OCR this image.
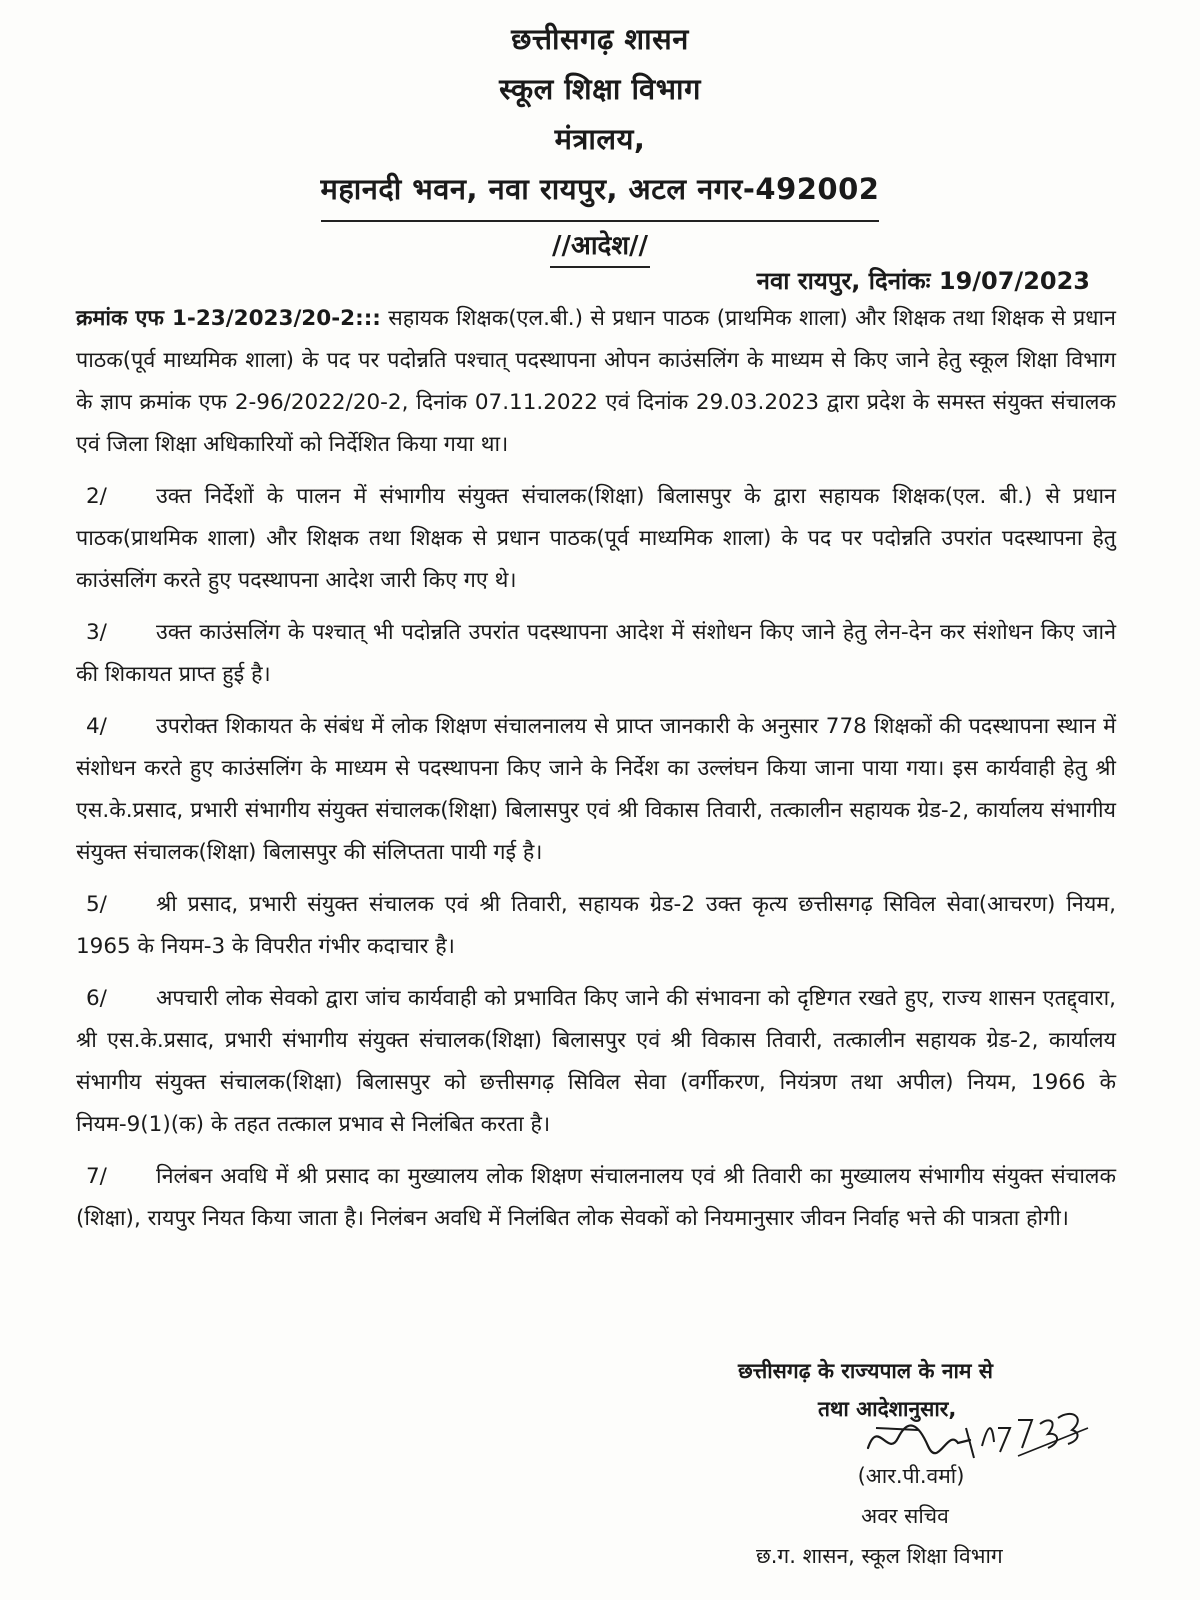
छत्तीसगढ़ शासन
स्कूल शिक्षा विभाग
मंत्रालय,
महानदी भवन, नवा रायपुर, अटल नगर-492002
//आदेश//
नवा रायपुर, दिनांकः 19/07/2023

क्रमांक एफ 1-23/2023/20-2::: सहायक शिक्षक(एल.बी.) से प्रधान पाठक (प्राथमिक शाला) और शिक्षक तथा शिक्षक से प्रधान पाठक(पूर्व माध्यमिक शाला) के पद पर पदोन्नति पश्चात् पदस्थापना ओपन काउंसलिंग के माध्यम से किए जाने हेतु स्कूल शिक्षा विभाग के ज्ञाप क्रमांक एफ 2-96/2022/20-2, दिनांक 07.11.2022 एवं दिनांक 29.03.2023 द्वारा प्रदेश के समस्त संयुक्त संचालक एवं जिला शिक्षा अधिकारियों को निर्देशित किया गया था।

2/ उक्त निर्देशों के पालन में संभागीय संयुक्त संचालक(शिक्षा) बिलासपुर के द्वारा सहायक शिक्षक(एल. बी.) से प्रधान पाठक(प्राथमिक शाला) और शिक्षक तथा शिक्षक से प्रधान पाठक(पूर्व माध्यमिक शाला) के पद पर पदोन्नति उपरांत पदस्थापना हेतु काउंसलिंग करते हुए पदस्थापना आदेश जारी किए गए थे।

3/ उक्त काउंसलिंग के पश्चात् भी पदोन्नति उपरांत पदस्थापना आदेश में संशोधन किए जाने हेतु लेन-देन कर संशोधन किए जाने की शिकायत प्राप्त हुई है।

4/ उपरोक्त शिकायत के संबंध में लोक शिक्षण संचालनालय से प्राप्त जानकारी के अनुसार 778 शिक्षकों की पदस्थापना स्थान में संशोधन करते हुए काउंसलिंग के माध्यम से पदस्थापना किए जाने के निर्देश का उल्लंघन किया जाना पाया गया। इस कार्यवाही हेतु श्री एस.के.प्रसाद, प्रभारी संभागीय संयुक्त संचालक(शिक्षा) बिलासपुर एवं श्री विकास तिवारी, तत्कालीन सहायक ग्रेड-2, कार्यालय संभागीय संयुक्त संचालक(शिक्षा) बिलासपुर की संलिप्तता पायी गई है।

5/ श्री प्रसाद, प्रभारी संयुक्त संचालक एवं श्री तिवारी, सहायक ग्रेड-2 उक्त कृत्य छत्तीसगढ़ सिविल सेवा(आचरण) नियम, 1965 के नियम-3 के विपरीत गंभीर कदाचार है।

6/ अपचारी लोक सेवको द्वारा जांच कार्यवाही को प्रभावित किए जाने की संभावना को दृष्टिगत रखते हुए, राज्य शासन एतद्द्वारा, श्री एस.के.प्रसाद, प्रभारी संभागीय संयुक्त संचालक(शिक्षा) बिलासपुर एवं श्री विकास तिवारी, तत्कालीन सहायक ग्रेड-2, कार्यालय संभागीय संयुक्त संचालक(शिक्षा) बिलासपुर को छत्तीसगढ़ सिविल सेवा (वर्गीकरण, नियंत्रण तथा अपील) नियम, 1966 के नियम-9(1)(क) के तहत तत्काल प्रभाव से निलंबित करता है।

7/ निलंबन अवधि में श्री प्रसाद का मुख्यालय लोक शिक्षण संचालनालय एवं श्री तिवारी का मुख्यालय संभागीय संयुक्त संचालक (शिक्षा), रायपुर नियत किया जाता है। निलंबन अवधि में निलंबित लोक सेवकों को नियमानुसार जीवन निर्वाह भत्ते की पात्रता होगी।

छत्तीसगढ़ के राज्यपाल के नाम से
तथा आदेशानुसार,
(आर.पी.वर्मा)
अवर सचिव
छ.ग. शासन, स्कूल शिक्षा विभाग
